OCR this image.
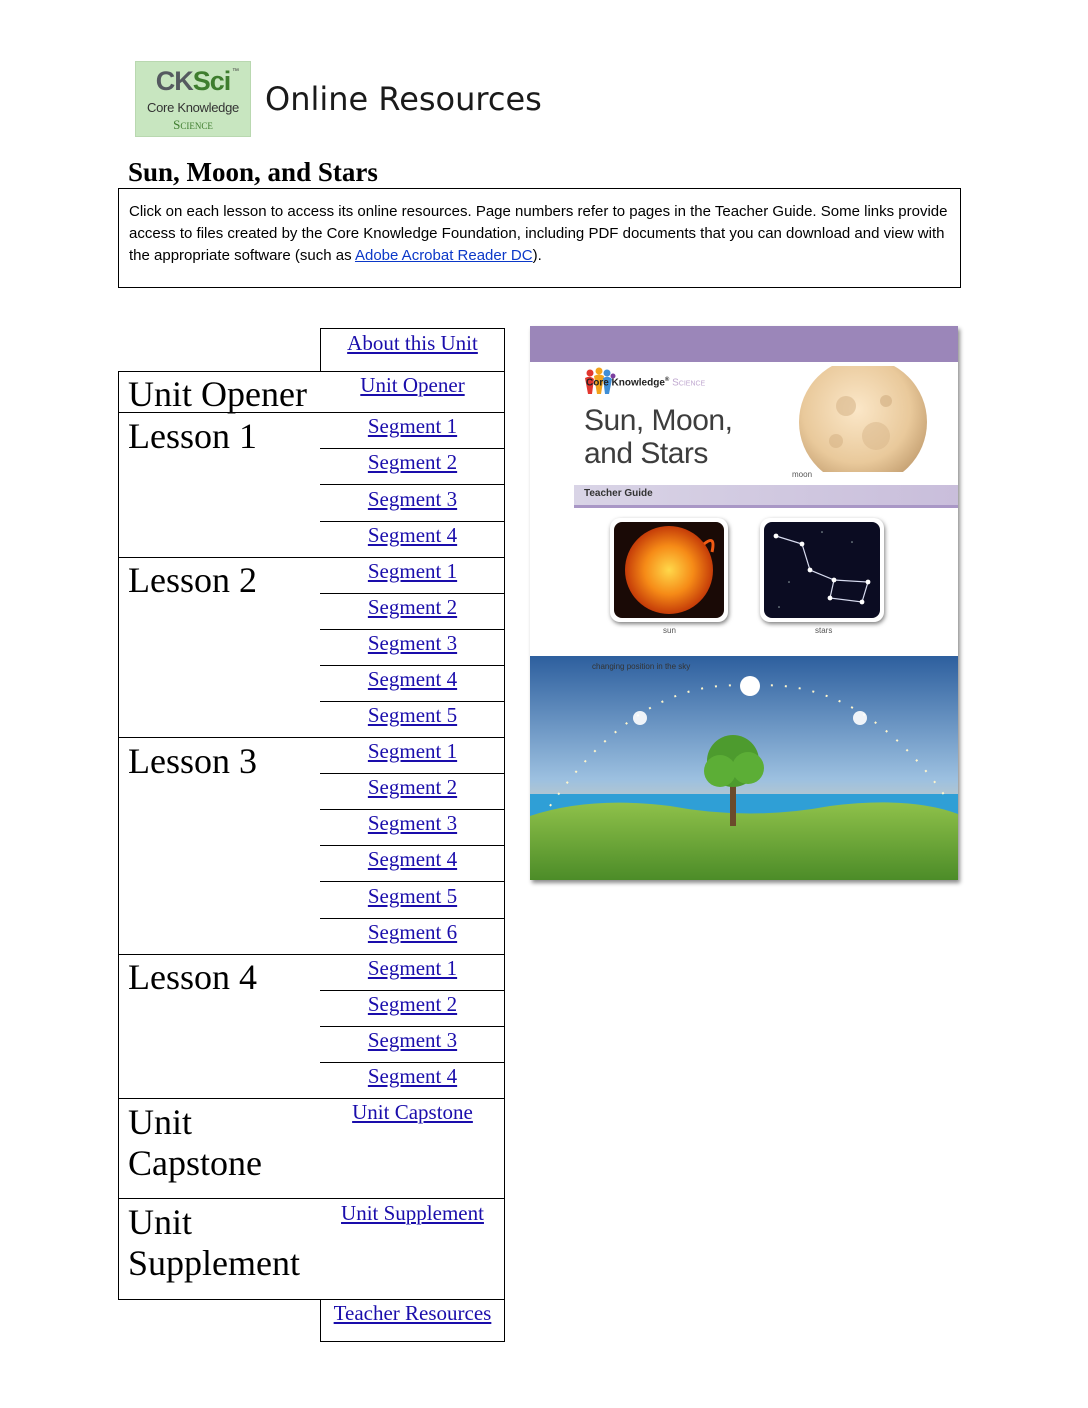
CKSci ™
Core Knowledge
Science
Online Resources
Sun, Moon, and Stars
Click on each lesson to access its online resources. Page numbers refer to pages in the Teacher Guide. Some links provide access to files created by the Core Knowledge Foundation, including PDF documents that you can download and view with the appropriate software (such as Adobe Acrobat Reader DC).
Unit Opener
Lesson 1
Lesson 2
Lesson 3
Lesson 4
Unit
Capstone
Unit
Supplement
About this Unit
Unit Opener
Segment 1
Segment 2
Segment 3
Segment 4
Segment 1
Segment 2
Segment 3
Segment 4
Segment 5
Segment 1
Segment 2
Segment 3
Segment 4
Segment 5
Segment 6
Segment 1
Segment 2
Segment 3
Segment 4
Unit Capstone
Unit Supplement
Teacher Resources
Core Knowledge® Science
Sun, Moon,
and Stars
moon
Teacher Guide
sun	stars
changing position in the sky
